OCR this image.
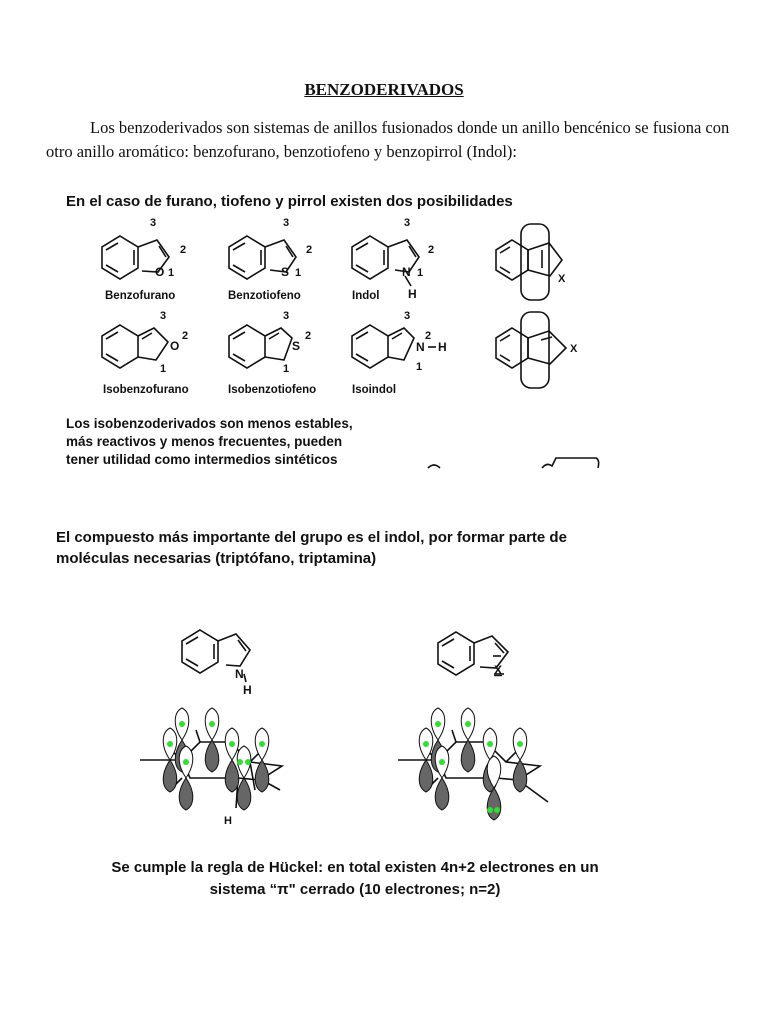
BENZODERIVADOS
Los benzoderivados son sistemas de anillos fusionados donde un anillo bencénico se fusiona con otro anillo aromático: benzofurano, benzotiofeno y benzopirrol (Indol):
En el caso de furano, tiofeno y pirrol existen dos posibilidades
3
2
O 1
3
2
S 1
3
2
N 1
H
X
Benzofurano	Benzotiofeno	Indol
3
O
2
1
3
S
2
1
3
N
2
H
1
X
Isobenzofurano	Isobenzotiofeno	Isoindol
Los isobenzoderivados son menos estables,
más reactivos y menos frecuentes, pueden
tener utilidad como intermedios sintéticos
El compuesto más importante del grupo es el indol, por formar parte de
moléculas necesarias (triptófano, triptamina)
N
H
X
H
Se cumple la regla de Hückel: en total existen 4n+2 electrones en un
sistema “π" cerrado (10 electrones; n=2)
